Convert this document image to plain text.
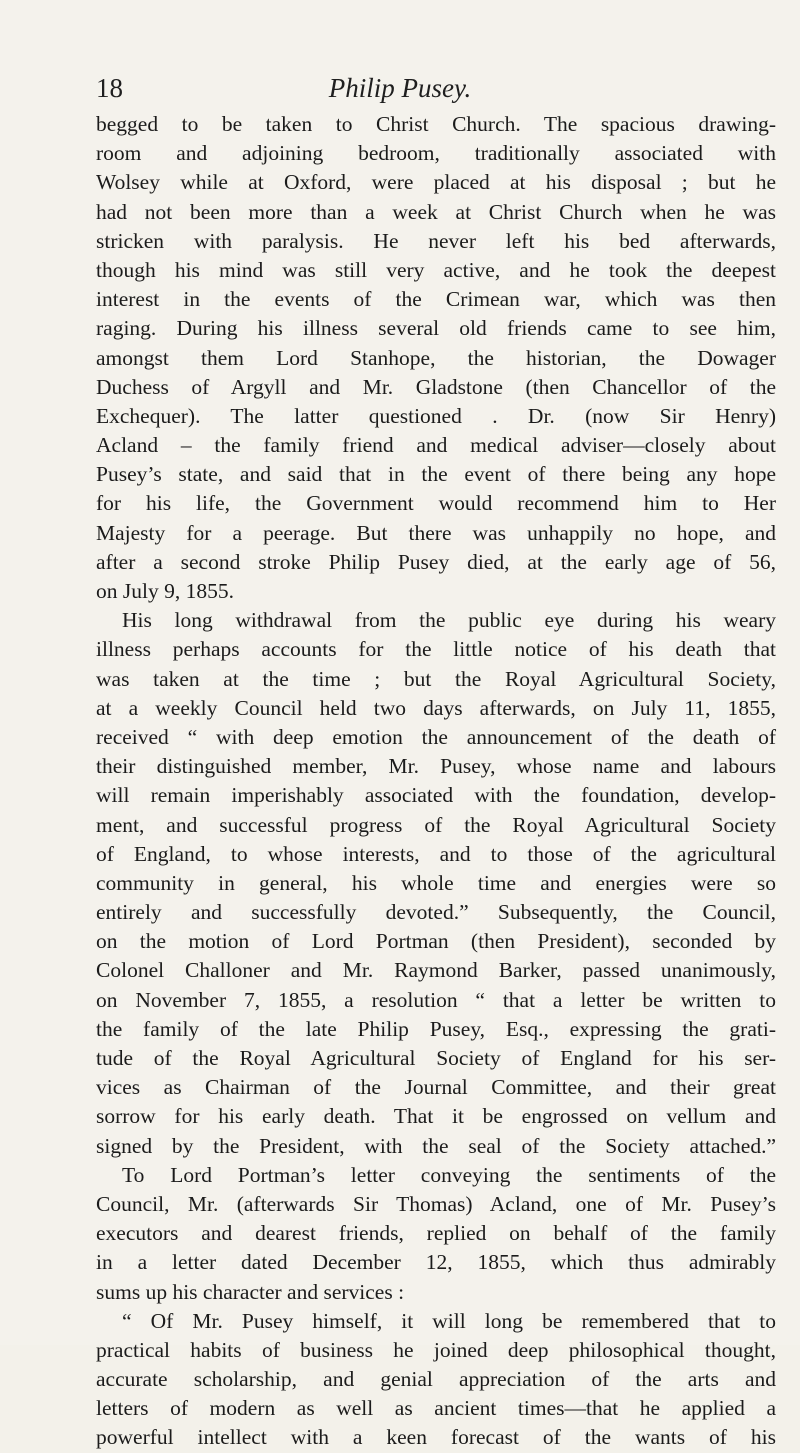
18	Philip Pusey.
begged to be taken to Christ Church. The spacious drawing-
room and adjoining bedroom, traditionally associated with
Wolsey while at Oxford, were placed at his disposal ; but he
had not been more than a week at Christ Church when he was
stricken with paralysis. He never left his bed afterwards,
though his mind was still very active, and he took the deepest
interest in the events of the Crimean war, which was then
raging. During his illness several old friends came to see him,
amongst them Lord Stanhope, the historian, the Dowager
Duchess of Argyll and Mr. Gladstone (then Chancellor of the
Exchequer). The latter questioned . Dr. (now Sir Henry)
Acland – the family friend and medical adviser—closely about
Pusey’s state, and said that in the event of there being any hope
for his life, the Government would recommend him to Her
Majesty for a peerage. But there was unhappily no hope, and
after a second stroke Philip Pusey died, at the early age of 56,
on July 9, 1855.
His long withdrawal from the public eye during his weary
illness perhaps accounts for the little notice of his death that
was taken at the time ; but the Royal Agricultural Society,
at a weekly Council held two days afterwards, on July 11, 1855,
received “ with deep emotion the announcement of the death of
their distinguished member, Mr. Pusey, whose name and labours
will remain imperishably associated with the foundation, develop-
ment, and successful progress of the Royal Agricultural Society
of England, to whose interests, and to those of the agricultural
community in general, his whole time and energies were so
entirely and successfully devoted.” Subsequently, the Council,
on the motion of Lord Portman (then President), seconded by
Colonel Challoner and Mr. Raymond Barker, passed unanimously,
on November 7, 1855, a resolution “ that a letter be written to
the family of the late Philip Pusey, Esq., expressing the grati-
tude of the Royal Agricultural Society of England for his ser-
vices as Chairman of the Journal Committee, and their great
sorrow for his early death. That it be engrossed on vellum and
signed by the President, with the seal of the Society attached.”
To Lord Portman’s letter conveying the sentiments of the
Council, Mr. (afterwards Sir Thomas) Acland, one of Mr. Pusey’s
executors and dearest friends, replied on behalf of the family
in a letter dated December 12, 1855, which thus admirably
sums up his character and services :
“ Of Mr. Pusey himself, it will long be remembered that to
practical habits of business he joined deep philosophical thought,
accurate scholarship, and genial appreciation of the arts and
letters of modern as well as ancient times—that he applied a
powerful intellect with a keen forecast of the wants of his
